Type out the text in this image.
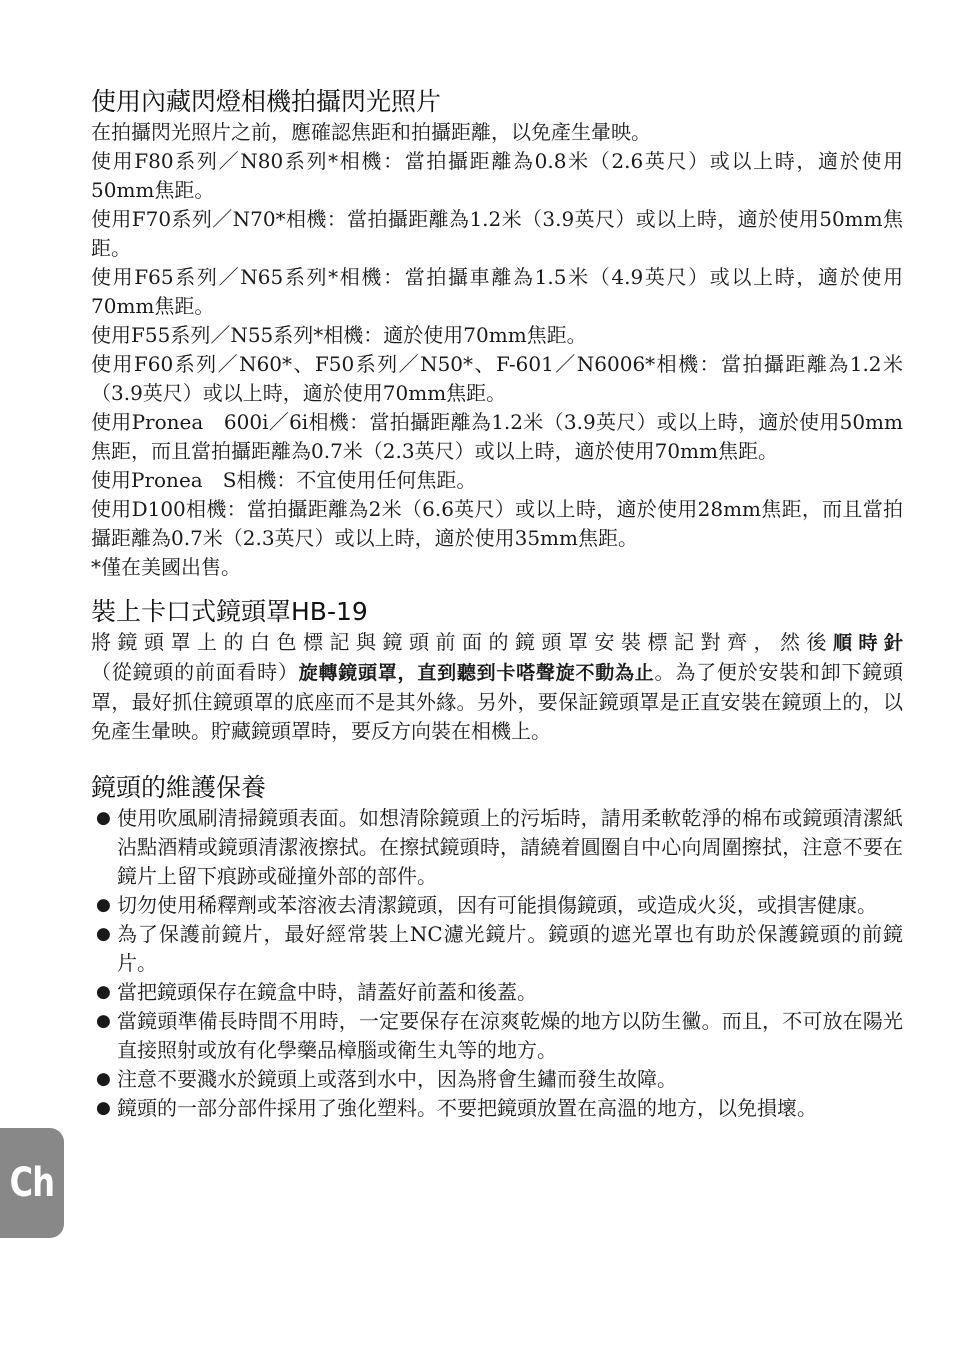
使用內藏閃燈相機拍攝閃光照片

在拍攝閃光照片之前，應確認焦距和拍攝距離，以免產生暈映。

使用F80系列／N80系列*相機：當拍攝距離為0.8米（2.6英尺）或以上時，適於使用50mm焦距。

使用F70系列／N70*相機：當拍攝距離為1.2米（3.9英尺）或以上時，適於使用50mm焦距。

使用F65系列／N65系列*相機：當拍攝車離為1.5米（4.9英尺）或以上時，適於使用70mm焦距。

使用F55系列／N55系列*相機：適於使用70mm焦距。

使用F60系列／N60*、F50系列／N50*、F-601／N6006*相機：當拍攝距離為1.2米（3.9英尺）或以上時，適於使用70mm焦距。

使用Pronea　600i／6i相機：當拍攝距離為1.2米（3.9英尺）或以上時，適於使用50mm焦距，而且當拍攝距離為0.7米（2.3英尺）或以上時，適於使用70mm焦距。

使用Pronea　S相機：不宜使用任何焦距。

使用D100相機：當拍攝距離為2米（6.6英尺）或以上時，適於使用28mm焦距，而且當拍攝距離為0.7米（2.3英尺）或以上時，適於使用35mm焦距。

*僅在美國出售。

裝上卡口式鏡頭罩HB-19

將鏡頭罩上的白色標記與鏡頭前面的鏡頭罩安裝標記對齊，然後順時針（從鏡頭的前面看時）旋轉鏡頭罩，直到聽到卡嗒聲旋不動為止。為了便於安裝和卸下鏡頭罩，最好抓住鏡頭罩的底座而不是其外緣。另外，要保証鏡頭罩是正直安裝在鏡頭上的，以免產生暈映。貯藏鏡頭罩時，要反方向裝在相機上。

鏡頭的維護保養
● 使用吹風刷清掃鏡頭表面。如想清除鏡頭上的污垢時，請用柔軟乾淨的棉布或鏡頭清潔紙沾點酒精或鏡頭清潔液擦拭。在擦拭鏡頭時，請繞着圓圈自中心向周圍擦拭，注意不要在鏡片上留下痕跡或碰撞外部的部件。
● 切勿使用稀釋劑或苯溶液去清潔鏡頭，因有可能損傷鏡頭，或造成火災，或損害健康。
● 為了保護前鏡片，最好經常裝上NC濾光鏡片。鏡頭的遮光罩也有助於保護鏡頭的前鏡片。
● 當把鏡頭保存在鏡盒中時，請蓋好前蓋和後蓋。
● 當鏡頭準備長時間不用時，一定要保存在涼爽乾燥的地方以防生黴。而且，不可放在陽光直接照射或放有化學藥品樟腦或衛生丸等的地方。
● 注意不要濺水於鏡頭上或落到水中，因為將會生鏽而發生故障。
● 鏡頭的一部分部件採用了強化塑料。不要把鏡頭放置在高溫的地方，以免損壞。
Ch
